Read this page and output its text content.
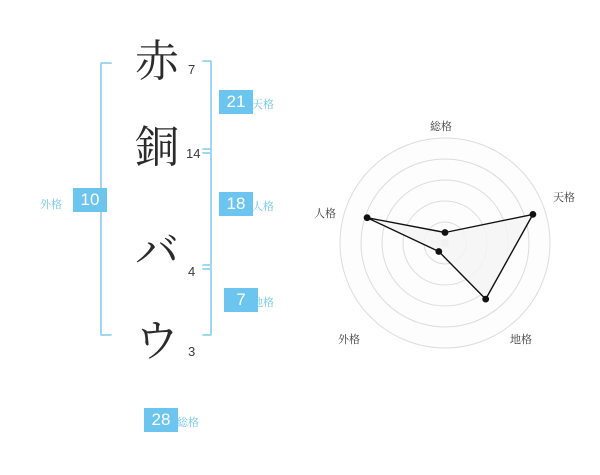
外格	10
赤 7
銅 14
バ 4
ウ 3
21 天格
18 人格
7 地格
28 総格
総格
天格
地格
外格
人格
